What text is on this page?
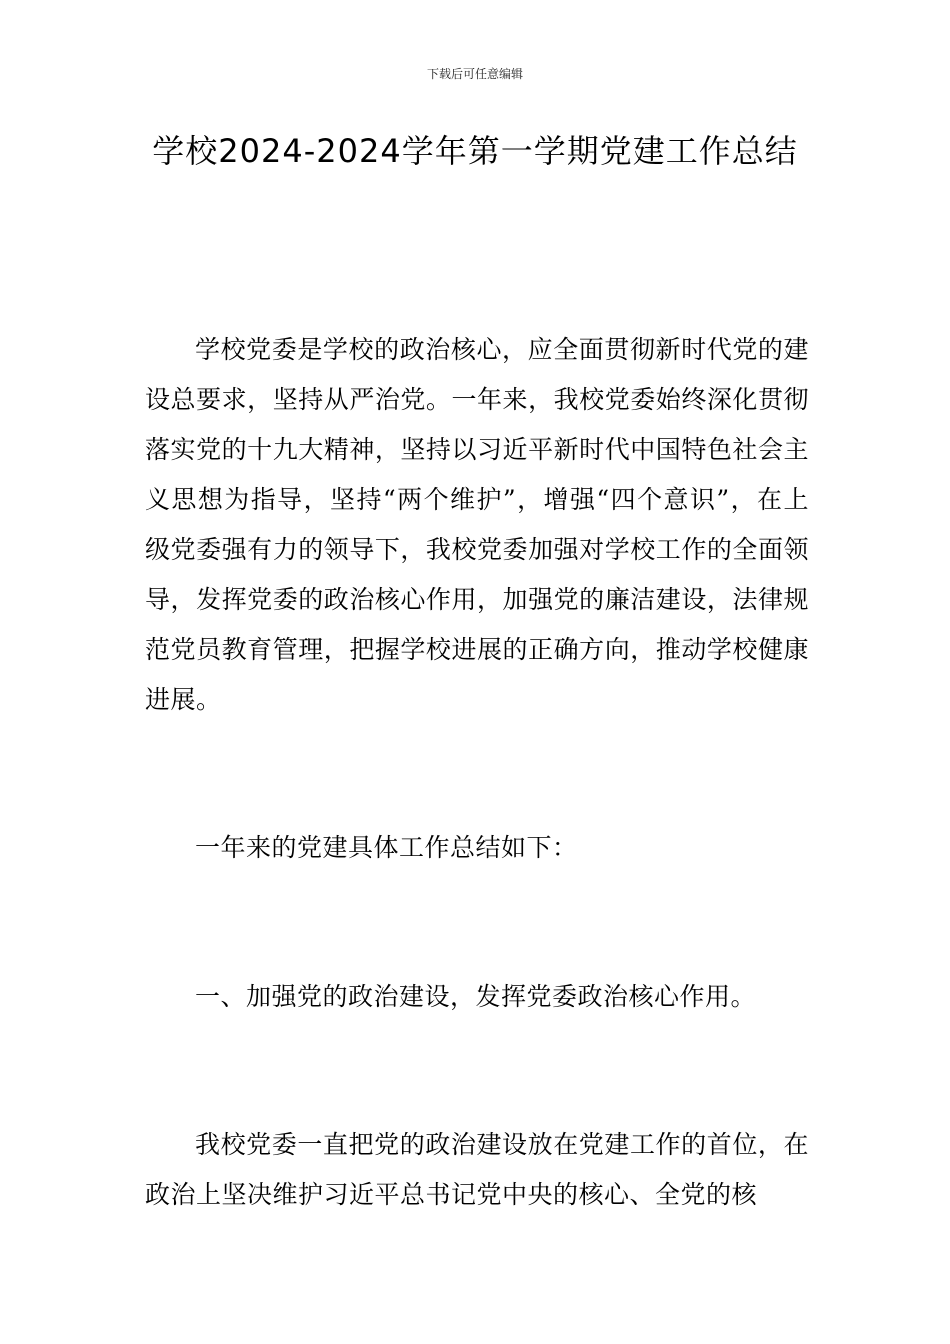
下载后可任意编辑
学校2024-2024学年第一学期党建工作总结

学校党委是学校的政治核心，应全面贯彻新时代党的建设总要求，坚持从严治党。一年来，我校党委始终深化贯彻落实党的十九大精神，坚持以习近平新时代中国特色社会主义思想为指导，坚持“两个维护”，增强“四个意识”，在上级党委强有力的领导下，我校党委加强对学校工作的全面领导，发挥党委的政治核心作用，加强党的廉洁建设，法律规范党员教育管理，把握学校进展的正确方向，推动学校健康进展。

一年来的党建具体工作总结如下：

一、加强党的政治建设，发挥党委政治核心作用。

我校党委一直把党的政治建设放在党建工作的首位，在政治上坚决维护习近平总书记党中央的核心、全党的核
